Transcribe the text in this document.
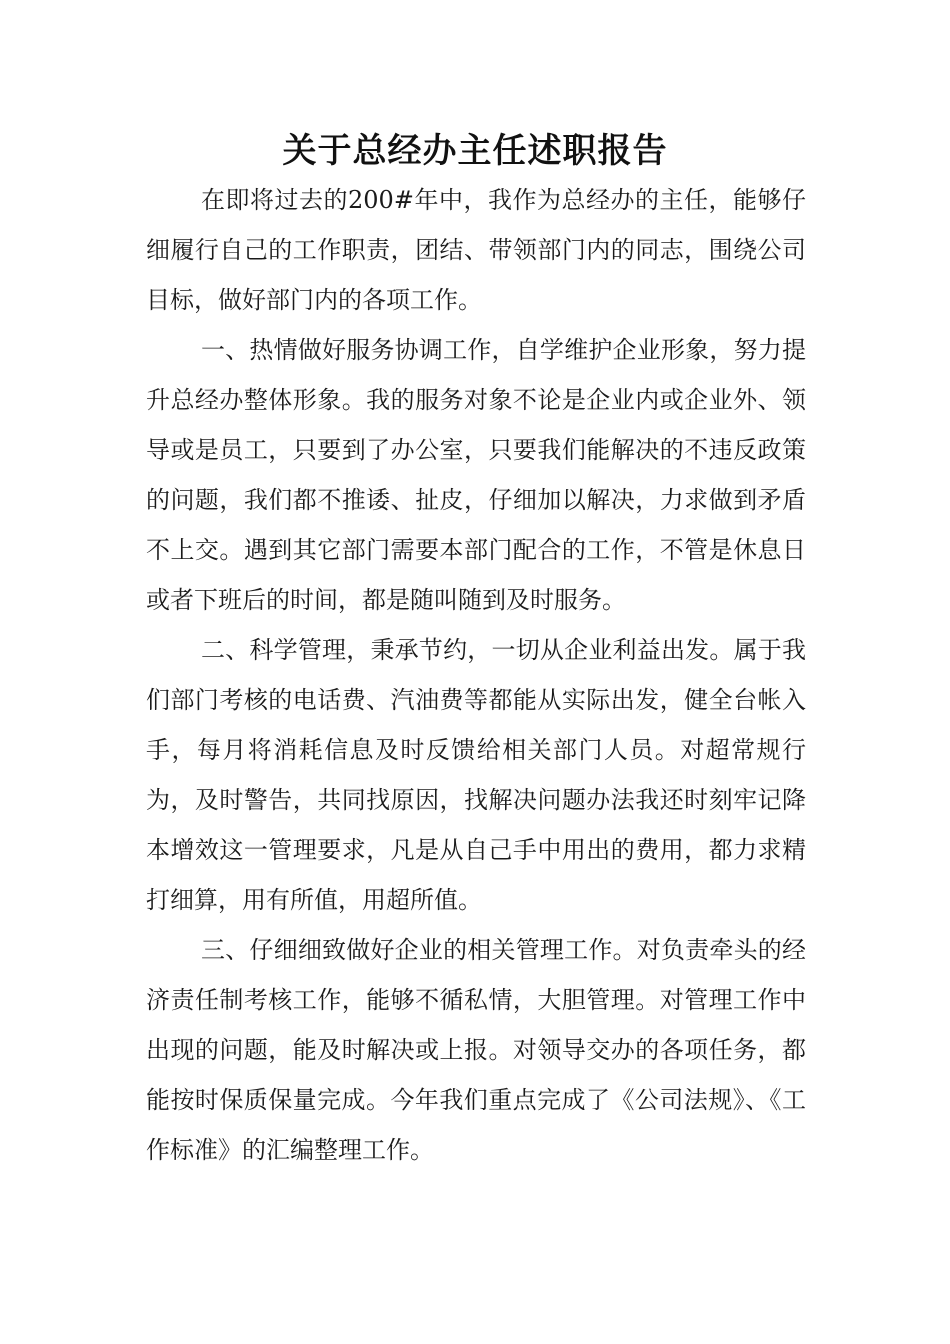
关于总经办主任述职报告

在即将过去的200#年中，我作为总经办的主任，能够仔细履行自己的工作职责，团结、带领部门内的同志，围绕公司目标，做好部门内的各项工作。

一、热情做好服务协调工作，自学维护企业形象，努力提升总经办整体形象。我的服务对象不论是企业内或企业外、领导或是员工，只要到了办公室，只要我们能解决的不违反政策的问题，我们都不推诿、扯皮，仔细加以解决，力求做到矛盾不上交。遇到其它部门需要本部门配合的工作，不管是休息日或者下班后的时间，都是随叫随到及时服务。

二、科学管理，秉承节约，一切从企业利益出发。属于我们部门考核的电话费、汽油费等都能从实际出发，健全台帐入手，每月将消耗信息及时反馈给相关部门人员。对超常规行为，及时警告，共同找原因，找解决问题办法我还时刻牢记降本增效这一管理要求，凡是从自己手中用出的费用，都力求精打细算，用有所值，用超所值。

三、仔细细致做好企业的相关管理工作。对负责牵头的经济责任制考核工作，能够不循私情，大胆管理。对管理工作中出现的问题，能及时解决或上报。对领导交办的各项任务，都能按时保质保量完成。今年我们重点完成了《公司法规》、《工作标准》的汇编整理工作。
